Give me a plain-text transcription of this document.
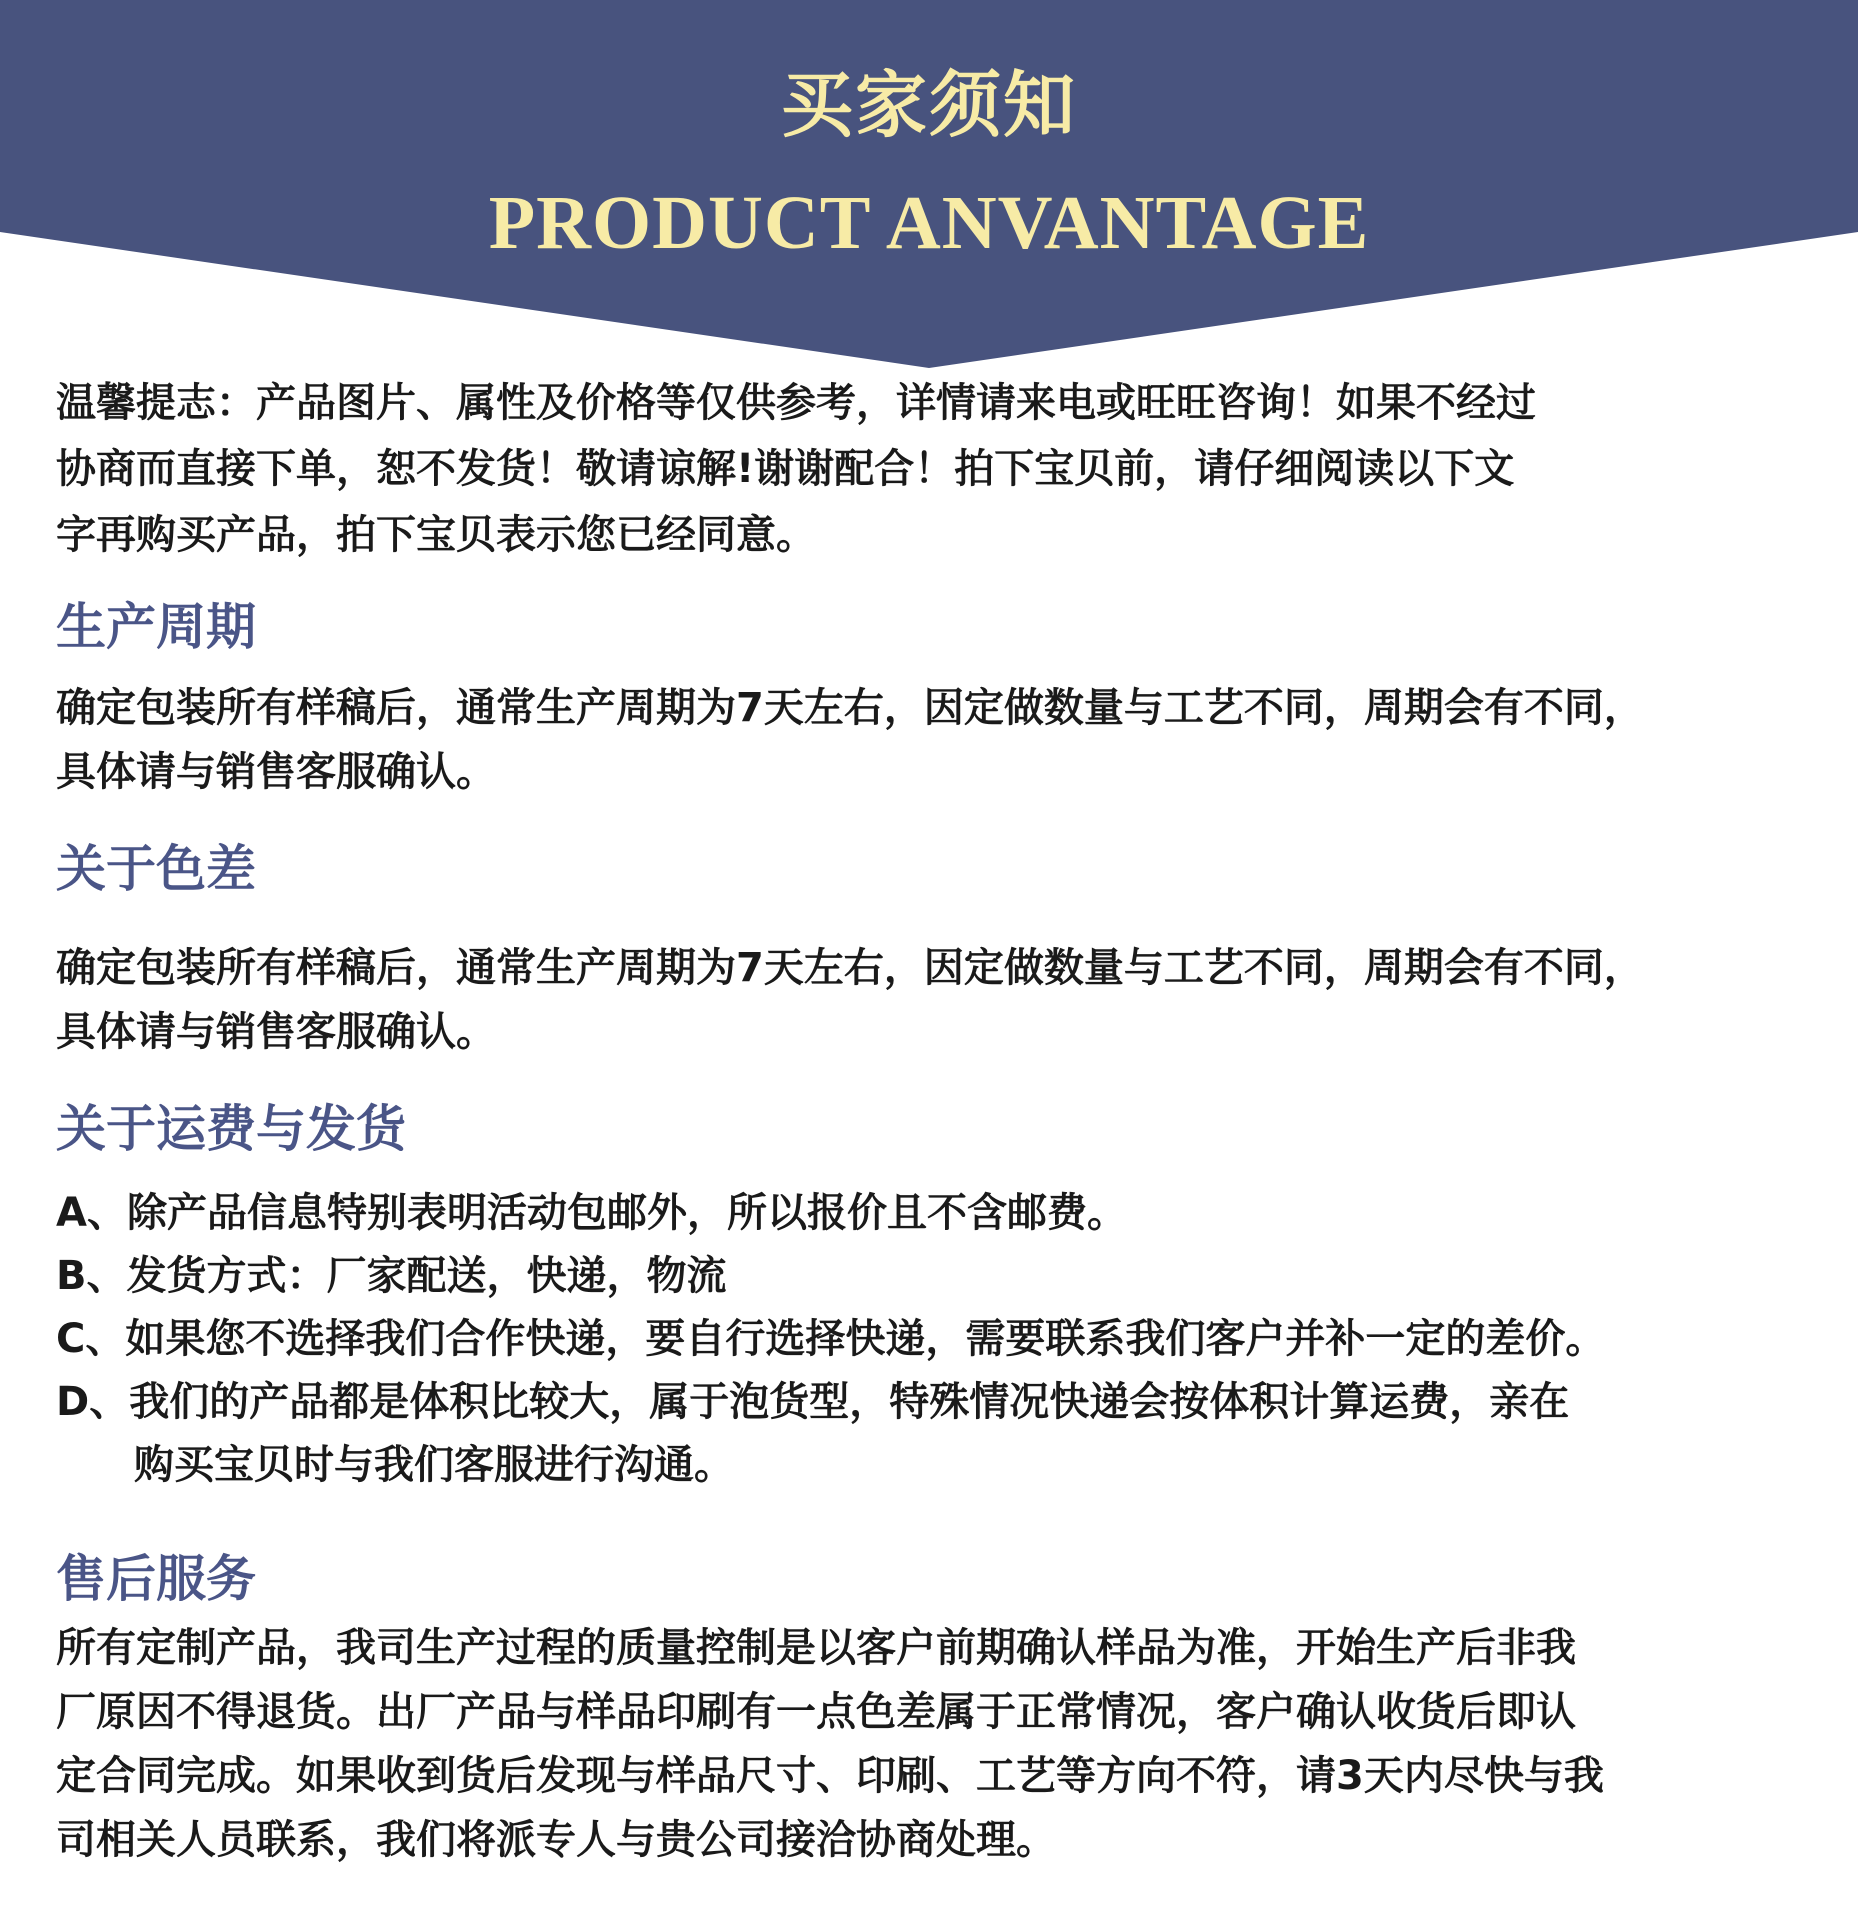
买家须知
PRODUCT ANVANTAGE
温馨提志：产品图片、属性及价格等仅供参考，详情请来电或旺旺咨询！如果不经过
协商而直接下单，恕不发货！敬请谅解!谢谢配合！拍下宝贝前，请仔细阅读以下文
字再购买产品，拍下宝贝表示您已经同意。
生产周期
确定包装所有样稿后，通常生产周期为7天左右，因定做数量与工艺不同，周期会有不同，
具体请与销售客服确认。
关于色差
确定包装所有样稿后，通常生产周期为7天左右，因定做数量与工艺不同，周期会有不同，
具体请与销售客服确认。
关于运费与发货
A、除产品信息特别表明活动包邮外，所以报价且不含邮费。
B、发货方式：厂家配送，快递，物流
C、如果您不选择我们合作快递，要自行选择快递，需要联系我们客户并补一定的差价。
D、我们的产品都是体积比较大，属于泡货型，特殊情况快递会按体积计算运费，亲在
购买宝贝时与我们客服进行沟通。
售后服务
所有定制产品，我司生产过程的质量控制是以客户前期确认样品为准，开始生产后非我
厂原因不得退货。出厂产品与样品印刷有一点色差属于正常情况，客户确认收货后即认
定合同完成。如果收到货后发现与样品尺寸、印刷、工艺等方向不符，请3天内尽快与我
司相关人员联系，我们将派专人与贵公司接洽协商处理。
